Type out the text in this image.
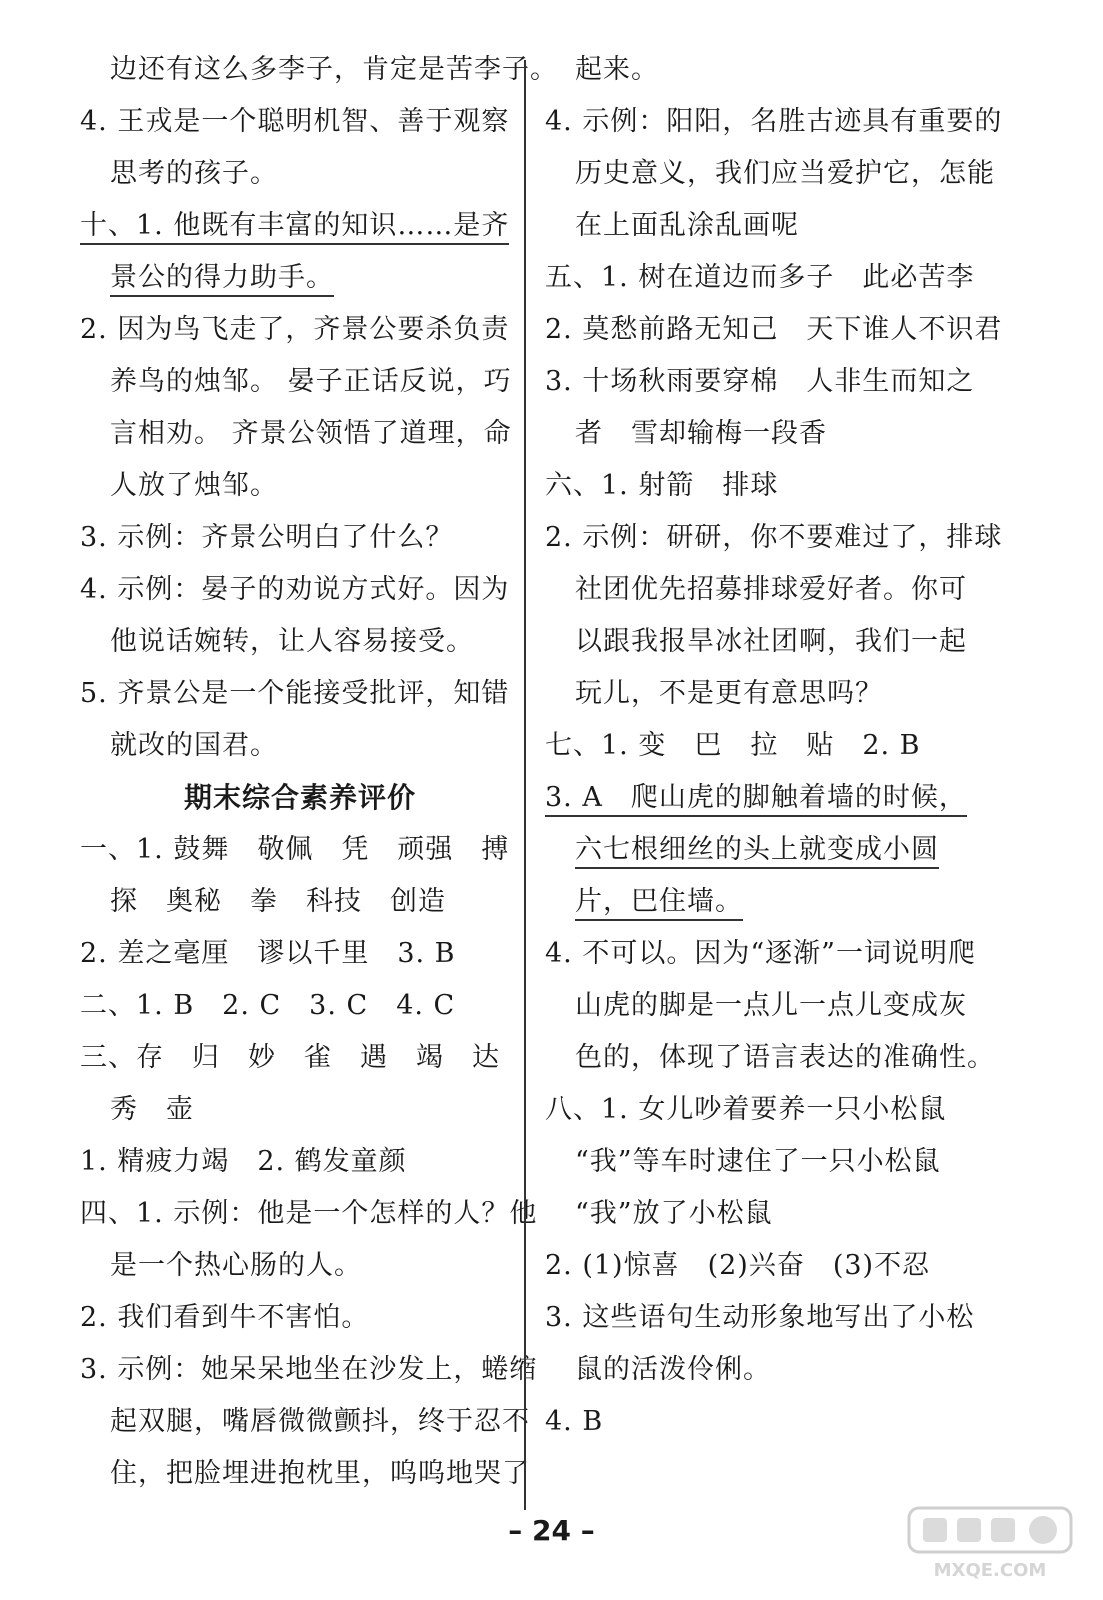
边还有这么多李子，肯定是苦李子。
4. 王戎是一个聪明机智、善于观察
思考的孩子。
十、1. 他既有丰富的知识……是齐
景公的得力助手。
2. 因为鸟飞走了，齐景公要杀负责
养鸟的烛邹。 晏子正话反说，巧
言相劝。 齐景公领悟了道理，命
人放了烛邹。
3. 示例：齐景公明白了什么？
4. 示例：晏子的劝说方式好。因为
他说话婉转，让人容易接受。
5. 齐景公是一个能接受批评，知错
就改的国君。
期末综合素养评价
一、1. 鼓舞　敬佩　凭　顽强　搏
探　奥秘　拳　科技　创造
2. 差之毫厘　谬以千里　3. B
二、1. B　2. C　3. C　4. C
三、存　归　妙　雀　遇　竭　达
秀　壶
1. 精疲力竭　2. 鹤发童颜
四、1. 示例：他是一个怎样的人？他
是一个热心肠的人。
2. 我们看到牛不害怕。
3. 示例：她呆呆地坐在沙发上，蜷缩
起双腿，嘴唇微微颤抖，终于忍不
住，把脸埋进抱枕里，呜呜地哭了
起来。
4. 示例：阳阳，名胜古迹具有重要的
历史意义，我们应当爱护它，怎能
在上面乱涂乱画呢
五、1. 树在道边而多子　此必苦李
2. 莫愁前路无知己　天下谁人不识君
3. 十场秋雨要穿棉　人非生而知之
者　雪却输梅一段香
六、1. 射箭　排球
2. 示例：研研，你不要难过了，排球
社团优先招募排球爱好者。你可
以跟我报旱冰社团啊，我们一起
玩儿，不是更有意思吗？
七、1. 变　巴　拉　贴　2. B
3. A　爬山虎的脚触着墙的时候，
六七根细丝的头上就变成小圆
片，巴住墙。
4. 不可以。因为“逐渐”一词说明爬
山虎的脚是一点儿一点儿变成灰
色的，体现了语言表达的准确性。
八、1. 女儿吵着要养一只小松鼠
“我”等车时逮住了一只小松鼠
“我”放了小松鼠
2. (1)惊喜　(2)兴奋　(3)不忍
3. 这些语句生动形象地写出了小松
鼠的活泼伶俐。
4. B
– 24 –
MXQE.COM
